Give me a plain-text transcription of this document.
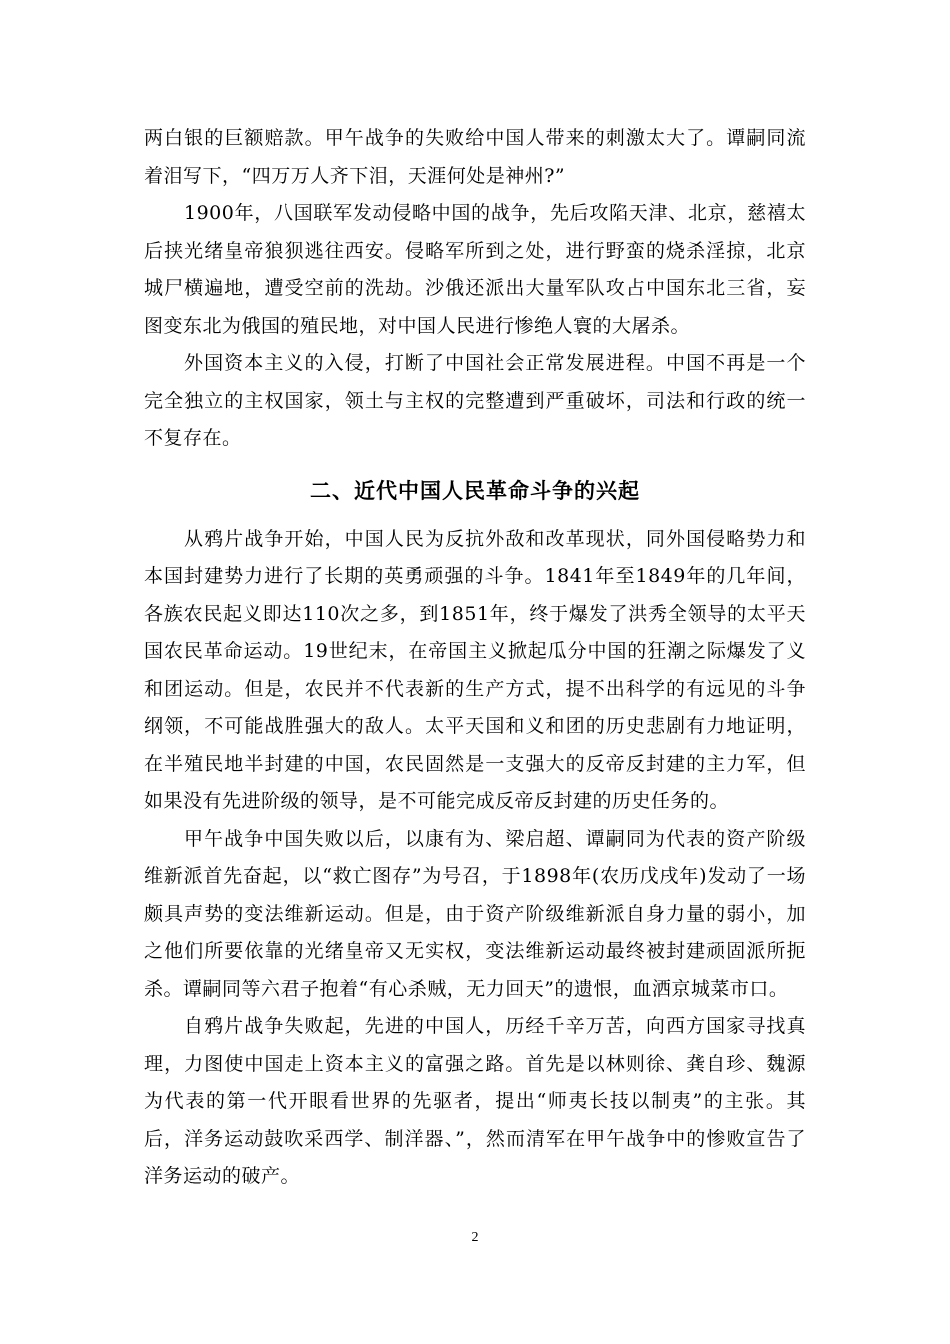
两白银的巨额赔款。甲午战争的失败给中国人带来的刺激太大了。谭嗣同流着泪写下，“四万万人齐下泪，天涯何处是神州?”

1900年，八国联军发动侵略中国的战争，先后攻陷天津、北京，慈禧太后挟光绪皇帝狼狈逃往西安。侵略军所到之处，进行野蛮的烧杀淫掠，北京城尸横遍地，遭受空前的洗劫。沙俄还派出大量军队攻占中国东北三省，妄图变东北为俄国的殖民地，对中国人民进行惨绝人寰的大屠杀。

外国资本主义的入侵，打断了中国社会正常发展进程。中国不再是一个完全独立的主权国家，领土与主权的完整遭到严重破坏，司法和行政的统一不复存在。

二、近代中国人民革命斗争的兴起

从鸦片战争开始，中国人民为反抗外敌和改革现状，同外国侵略势力和本国封建势力进行了长期的英勇顽强的斗争。1841年至1849年的几年间，各族农民起义即达110次之多，到1851年，终于爆发了洪秀全领导的太平天国农民革命运动。19世纪末，在帝国主义掀起瓜分中国的狂潮之际爆发了义和团运动。但是，农民并不代表新的生产方式，提不出科学的有远见的斗争纲领，不可能战胜强大的敌人。太平天国和义和团的历史悲剧有力地证明，在半殖民地半封建的中国，农民固然是一支强大的反帝反封建的主力军，但如果没有先进阶级的领导，是不可能完成反帝反封建的历史任务的。

甲午战争中国失败以后，以康有为、梁启超、谭嗣同为代表的资产阶级维新派首先奋起，以“救亡图存”为号召，于1898年(农历戊戌年)发动了一场颇具声势的变法维新运动。但是，由于资产阶级维新派自身力量的弱小，加之他们所要依靠的光绪皇帝又无实权，变法维新运动最终被封建顽固派所扼杀。谭嗣同等六君子抱着“有心杀贼，无力回天”的遗恨，血洒京城菜市口。

自鸦片战争失败起，先进的中国人，历经千辛万苦，向西方国家寻找真理，力图使中国走上资本主义的富强之路。首先是以林则徐、龚自珍、魏源为代表的第一代开眼看世界的先驱者，提出“师夷长技以制夷”的主张。其后，洋务运动鼓吹采西学、制洋器、”，然而清军在甲午战争中的惨败宣告了洋务运动的破产。

2
